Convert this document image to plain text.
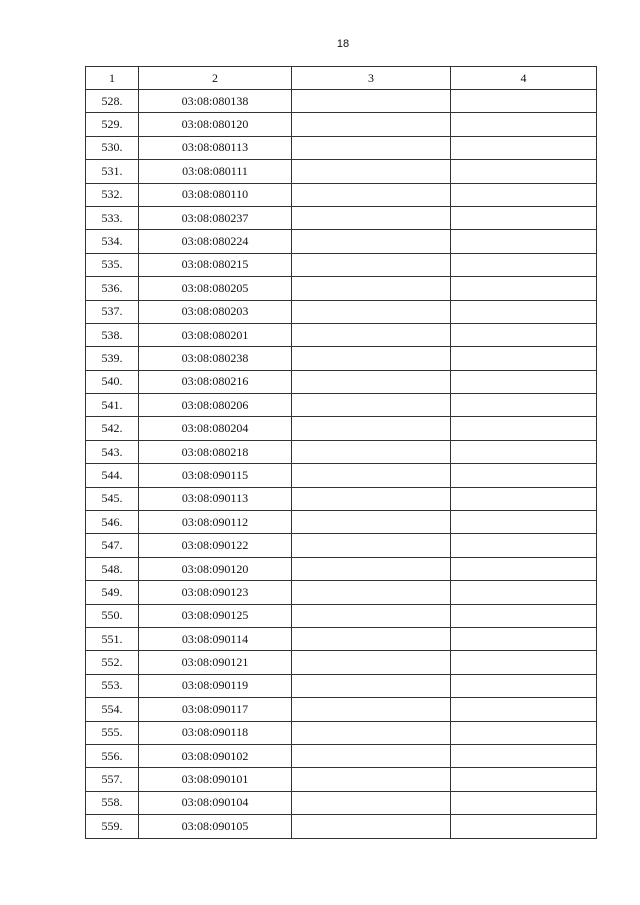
18
1	2	3	4
528.	03:08:080138		
529.	03:08:080120		
530.	03:08:080113		
531.	03:08:080111		
532.	03:08:080110		
533.	03:08:080237		
534.	03:08:080224		
535.	03:08:080215		
536.	03:08:080205		
537.	03:08:080203		
538.	03:08:080201		
539.	03:08:080238		
540.	03:08:080216		
541.	03:08:080206		
542.	03:08:080204		
543.	03:08:080218		
544.	03:08:090115		
545.	03:08:090113		
546.	03:08:090112		
547.	03:08:090122		
548.	03:08:090120		
549.	03:08:090123		
550.	03:08:090125		
551.	03:08:090114		
552.	03:08:090121		
553.	03:08:090119		
554.	03:08:090117		
555.	03:08:090118		
556.	03:08:090102		
557.	03:08:090101		
558.	03:08:090104		
559.	03:08:090105		
